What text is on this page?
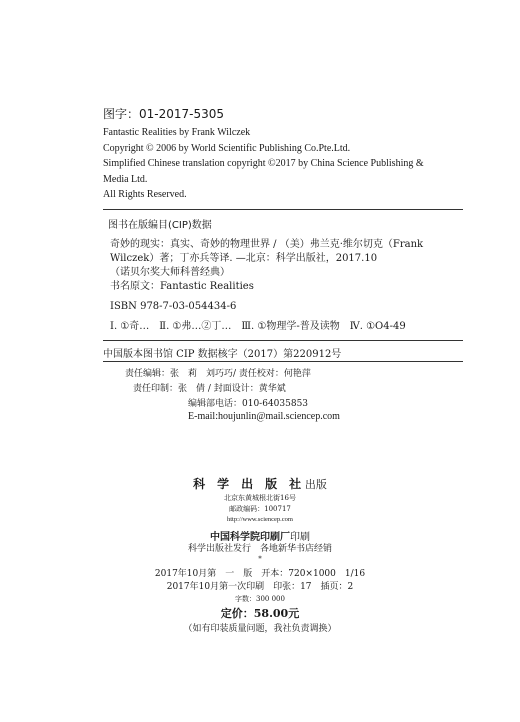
图字：01-2017-5305
Fantastic Realities by Frank Wilczek
Copyright © 2006 by World Scientific Publishing Co.Pte.Ltd.
Simplified Chinese translation copyright ©2017 by China Science Publishing &
Media Ltd.
All Rights Reserved.
图书在版编目(CIP)数据
奇妙的现实：真实、奇妙的物理世界 / （美）弗兰克·维尔切克（Frank
Wilczek）著；丁亦兵等译. —北京：科学出版社，2017.10
（诺贝尔奖大师科普经典）
书名原文：Fantastic Realities
ISBN 978-7-03-054434-6
Ⅰ. ①奇…　Ⅱ. ①弗…②丁…　Ⅲ. ①物理学-普及读物　Ⅳ. ①O4-49
中国版本图书馆 CIP 数据核字（2017）第220912号
责任编辑：张　莉　刘巧巧/ 责任校对：何艳萍
责任印制：张　倩 / 封面设计：黄华斌
编辑部电话：010-64035853
E-mail:houjunlin@mail.sciencep.com
科　学　出　版　社 出版
北京东黄城根北街16号
邮政编码：100717
http://www.sciencep.com
中国科学院印刷厂印刷
科学出版社发行　各地新华书店经销
*
2017年10月第　一　版　开本：720×1000　1/16
2017年10月第一次印刷　印张：17　插页：2
字数：300 000
定价：58.00元
（如有印装质量问题，我社负责调换）
